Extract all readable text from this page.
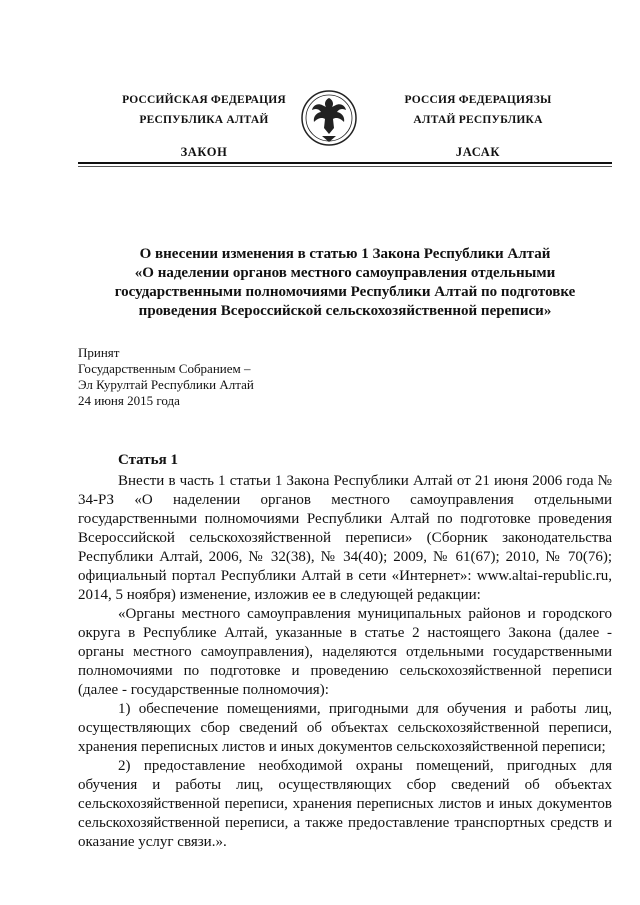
РОССИЙСКАЯ ФЕДЕРАЦИЯ
РЕСПУБЛИКА АЛТАЙ
ЗАКОН
РОССИЯ ФЕДЕРАЦИЯЗЫ
АЛТАЙ РЕСПУБЛИКА
JАСАК
О внесении изменения в статью 1 Закона Республики Алтай
«О наделении органов местного самоуправления отдельными
государственными полномочиями Республики Алтай по подготовке
проведения Всероссийской сельскохозяйственной переписи»
Принят
Государственным Собранием –
Эл Курултай Республики Алтай
24 июня 2015 года
Статья 1

Внести в часть 1 статьи 1 Закона Республики Алтай от 21 июня 2006 года № 34-РЗ «О наделении органов местного самоуправления отдельными государственными полномочиями Республики Алтай по подготовке проведения Всероссийской сельскохозяйственной переписи» (Сборник законодательства Республики Алтай, 2006, № 32(38), № 34(40); 2009, № 61(67); 2010, № 70(76); официальный портал Республики Алтай в сети «Интернет»: www.altai-republic.ru, 2014, 5 ноября) изменение, изложив ее в следующей редакции:

«Органы местного самоуправления муниципальных районов и городского округа в Республике Алтай, указанные в статье 2 настоящего Закона (далее - органы местного самоуправления), наделяются отдельными государственными полномочиями по подготовке и проведению сельскохозяйственной переписи (далее - государственные полномочия):

1) обеспечение помещениями, пригодными для обучения и работы лиц, осуществляющих сбор сведений об объектах сельскохозяйственной переписи, хранения переписных листов и иных документов сельскохозяйственной переписи;

2) предоставление необходимой охраны помещений, пригодных для обучения и работы лиц, осуществляющих сбор сведений об объектах сельскохозяйственной переписи, хранения переписных листов и иных документов сельскохозяйственной переписи, а также предоставление транспортных средств и оказание услуг связи.».
